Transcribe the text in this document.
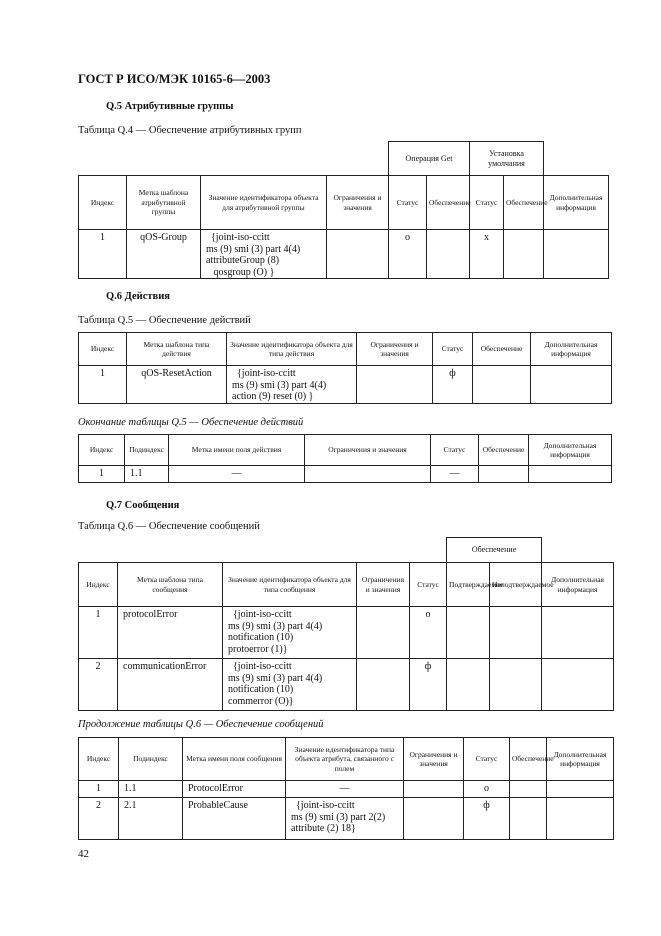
ГОСТ Р ИСО/МЭК 10165-6—2003
Q.5 Атрибутивные группы
Таблица Q.4 — Обеспечение атрибутивных групп
				Операция Get		Установка умолчания		
Индекс	Метка шаблона атрибутивной группы	Значение идентификатора объекта для атрибутивной группы	Ограничения и значения	Статус	Обеспечение	Статус	Обеспечение	Дополнительная информация
1	qOS-Group	{joint-iso-ccitt
ms (9) smi (3) part 4(4)
attributeGroup (8)
qosgroup (O) }		o		x		
Q.6 Действия
Таблица Q.5 — Обеспечение действий
Индекс	Метка шаблона типа действия	Значение идентификатора объекта для типа действия	Ограничения и значения	Статус	Обеспечение	Дополнительная информация
1	qOS-ResetAction	{joint-iso-ccitt
ms (9) smi (3) part 4(4)
action (9) reset (0) }		ф		
Окончание таблицы Q.5 — Обеспечение действий
Индекс	Подиндекс	Метка имени поля действия	Ограничения и значения	Статус	Обеспечение	Дополнительная информация
1	1.1	—		—		
Q.7 Сообщения
Таблица Q.6 — Обеспечение сообщений
					Обеспечение		
Индекс	Метка шаблона типа сообщения	Значение идентификатора объекта для типа сообщения	Ограничения и значения	Статус	Подтверждаемое	Неподтверждаемое	Дополнительная информация
1	protocolError	{joint-iso-ccitt
ms (9) smi (3) part 4(4)
notification (10)
protoerror (1)}		o			
2	communicationError	{joint-iso-ccitt
ms (9) smi (3) part 4(4)
notification (10)
commerror (O)}		ф			
Продолжение таблицы Q.6 — Обеспечение сообщений
Индекс	Подиндекс	Метка имени поля сообщения	Значение идентификатора типа объекта атрибута, связанного с полем	Ограничения и значения	Статус	Обеспечение	Дополнительная информация
1	1.1	ProtocolError	—		o		
2	2.1	ProbableCause	{joint-iso-ccitt
ms (9) smi (3) part 2(2)
attribute (2) 18}		ф		
42
